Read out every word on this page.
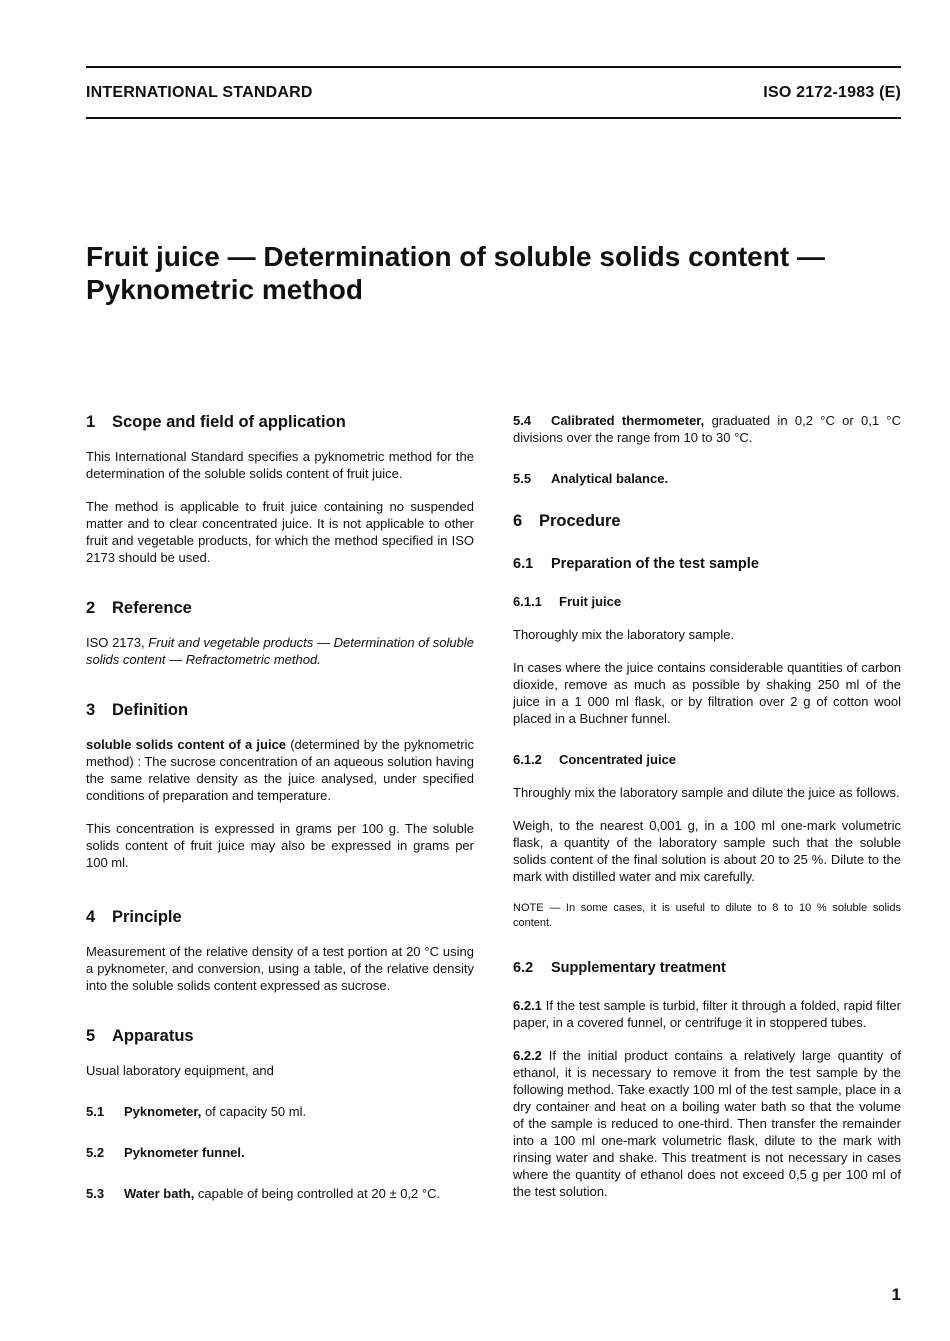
INTERNATIONAL STANDARD	ISO 2172-1983 (E)
Fruit juice — Determination of soluble solids content —
Pyknometric method
1 Scope and field of application

This International Standard specifies a pyknometric method for the determination of the soluble solids content of fruit juice.

The method is applicable to fruit juice containing no suspended matter and to clear concentrated juice. It is not applicable to other fruit and vegetable products, for which the method specified in ISO 2173 should be used.

2 Reference

ISO 2173, Fruit and vegetable products — Determination of soluble solids content — Refractometric method.

3 Definition

soluble solids content of a juice (determined by the pyknometric method) : The sucrose concentration of an aqueous solution having the same relative density as the juice analysed, under specified conditions of preparation and temperature.

This concentration is expressed in grams per 100 g. The soluble solids content of fruit juice may also be expressed in grams per 100 ml.

4 Principle

Measurement of the relative density of a test portion at 20 °C using a pyknometer, and conversion, using a table, of the relative density into the soluble solids content expressed as sucrose.

5 Apparatus

Usual laboratory equipment, and

5.1 Pyknometer, of capacity 50 ml.

5.2 Pyknometer funnel.

5.3 Water bath, capable of being controlled at 20 ± 0,2 °C.

5.4 Calibrated thermometer, graduated in 0,2 °C or 0,1 °C divisions over the range from 10 to 30 °C.

5.5 Analytical balance.

6 Procedure
6.1 Preparation of the test sample
6.1.1 Fruit juice

Thoroughly mix the laboratory sample.

In cases where the juice contains considerable quantities of carbon dioxide, remove as much as possible by shaking 250 ml of the juice in a 1 000 ml flask, or by filtration over 2 g of cotton wool placed in a Buchner funnel.

6.1.2 Concentrated juice

Throughly mix the laboratory sample and dilute the juice as follows.

Weigh, to the nearest 0,001 g, in a 100 ml one-mark volumetric flask, a quantity of the laboratory sample such that the soluble solids content of the final solution is about 20 to 25 %. Dilute to the mark with distilled water and mix carefully.

NOTE — In some cases, it is useful to dilute to 8 to 10 % soluble solids content.

6.2 Supplementary treatment

6.2.1 If the test sample is turbid, filter it through a folded, rapid filter paper, in a covered funnel, or centrifuge it in stoppered tubes.

6.2.2 If the initial product contains a relatively large quantity of ethanol, it is necessary to remove it from the test sample by the following method. Take exactly 100 ml of the test sample, place in a dry container and heat on a boiling water bath so that the volume of the sample is reduced to one-third. Then transfer the remainder into a 100 ml one-mark volumetric flask, dilute to the mark with rinsing water and shake. This treatment is not necessary in cases where the quantity of ethanol does not exceed 0,5 g per 100 ml of the test solution.

1
